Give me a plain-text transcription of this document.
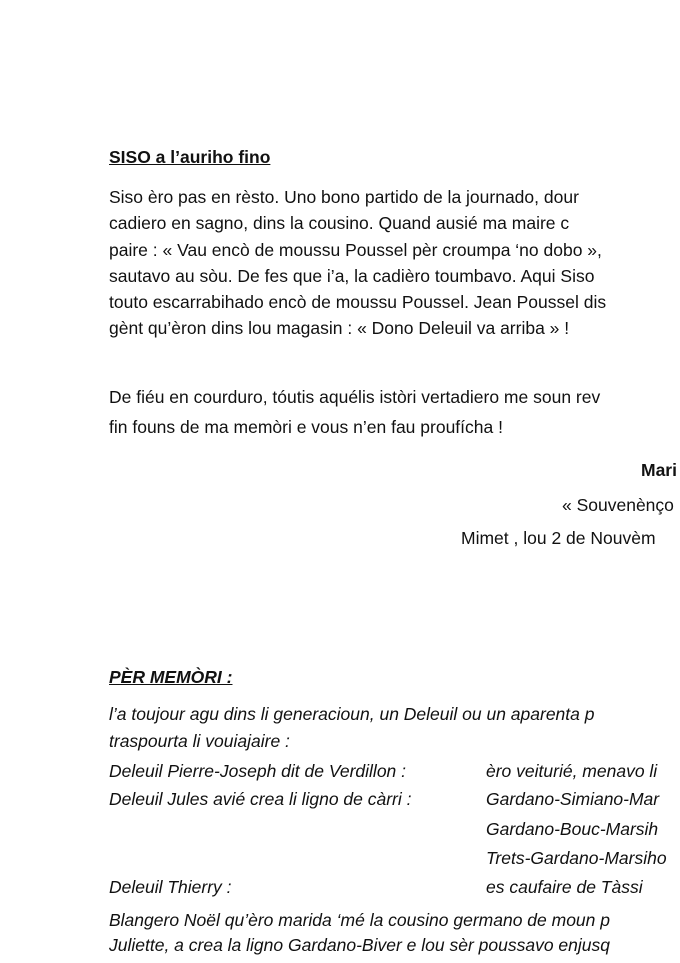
SISO a l’auriho fino
Siso èro pas en rèsto. Uno bono partido de la journado, dour
cadiero en sagno, dins la cousino. Quand ausié ma maire c
paire : « Vau encò de moussu Poussel pèr croumpa ‘no dobo »,
sautavo au sòu. De fes que i’a, la cadièro toumbavo. Aqui Siso
touto escarrabihado encò de moussu Poussel. Jean Poussel dis
gènt qu’èron dins lou magasin : « Dono Deleuil va arriba » !
De fiéu en courduro, tóutis aquélis istòri vertadiero me soun rev
fin founs de ma memòri e vous n’en fau proufícha !
Mari
« Souvenènço
Mimet , lou 2 de Nouvèm
PÈR MEMÒRI :
l’a toujour agu dins li generacioun, un Deleuil ou un aparenta p
traspourta li vouiajaire :
Deleuil Pierre-Joseph dit de Verdillon :	èro veiturié, menavo li
Deleuil Jules avié crea li ligno de càrri :	Gardano-Simiano-Mar
Gardano-Bouc-Marsih
Trets-Gardano-Marsiho
Deleuil Thierry :	es caufaire de Tàssi
Blangero Noël qu’èro marida ‘mé la cousino germano de moun p
Juliette, a crea la ligno Gardano-Biver e lou sèr poussavo enjusq
